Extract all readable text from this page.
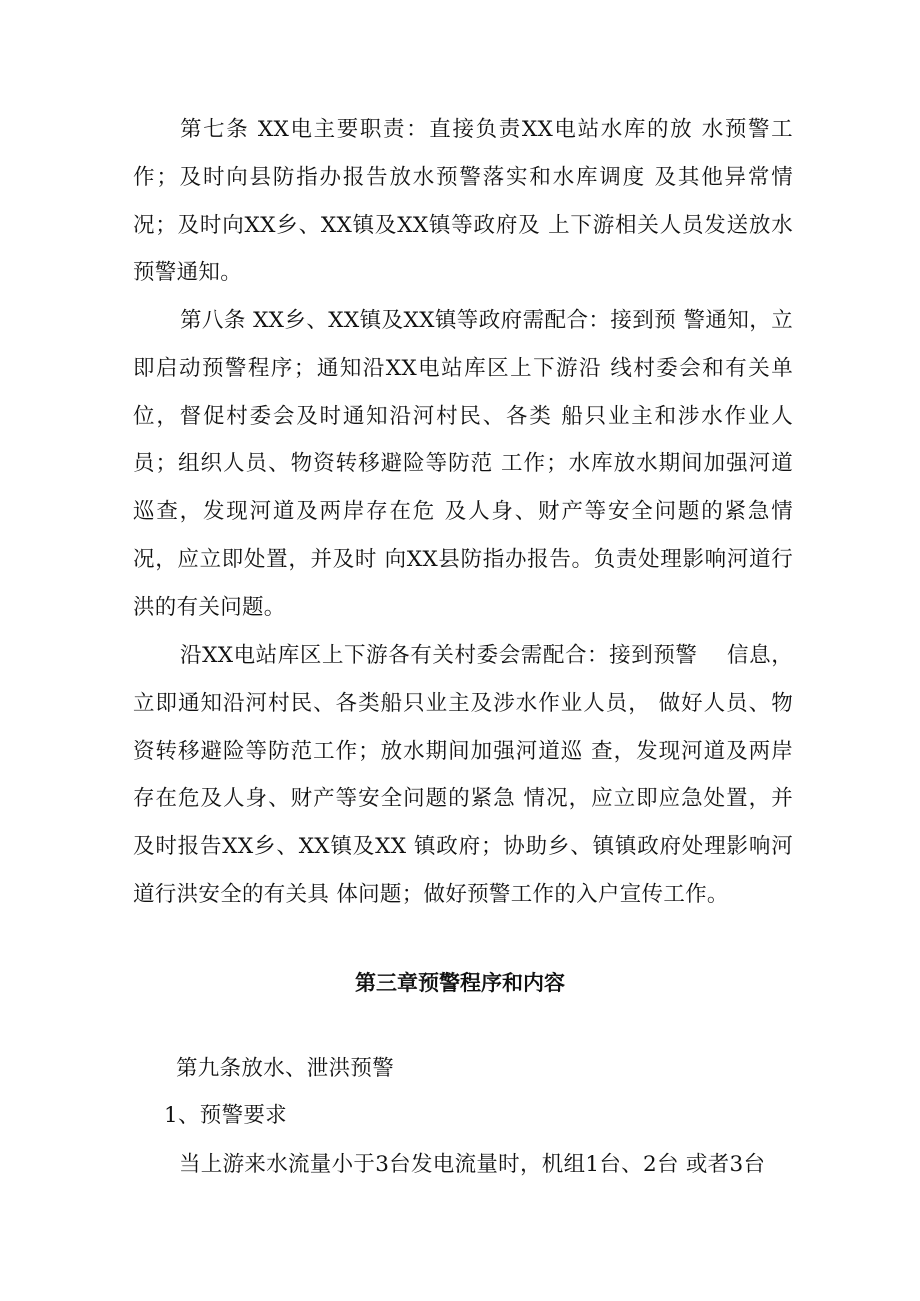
第七条 XX电主要职责：直接负责XX电站水库的放 水预警工作；及时向县防指办报告放水预警落实和水库调度 及其他异常情况；及时向XX乡、XX镇及XX镇等政府及 上下游相关人员发送放水预警通知。

第八条 XX乡、XX镇及XX镇等政府需配合：接到预 警通知，立即启动预警程序；通知沿XX电站库区上下游沿 线村委会和有关单位，督促村委会及时通知沿河村民、各类 船只业主和涉水作业人员；组织人员、物资转移避险等防范 工作；水库放水期间加强河道巡查，发现河道及两岸存在危 及人身、财产等安全问题的紧急情况，应立即处置，并及时 向XX县防指办报告。负责处理影响河道行洪的有关问题。

沿XX电站库区上下游各有关村委会需配合：接到预警　 信息，立即通知沿河村民、各类船只业主及涉水作业人员， 做好人员、物资转移避险等防范工作；放水期间加强河道巡 查，发现河道及两岸存在危及人身、财产等安全问题的紧急 情况，应立即应急处置，并及时报告XX乡、XX镇及XX 镇政府；协助乡、镇镇政府处理影响河道行洪安全的有关具 体问题；做好预警工作的入户宣传工作。

第三章预警程序和内容

第九条放水、泄洪预警

1、预警要求

当上游来水流量小于3台发电流量时，机组1台、2台 或者3台
